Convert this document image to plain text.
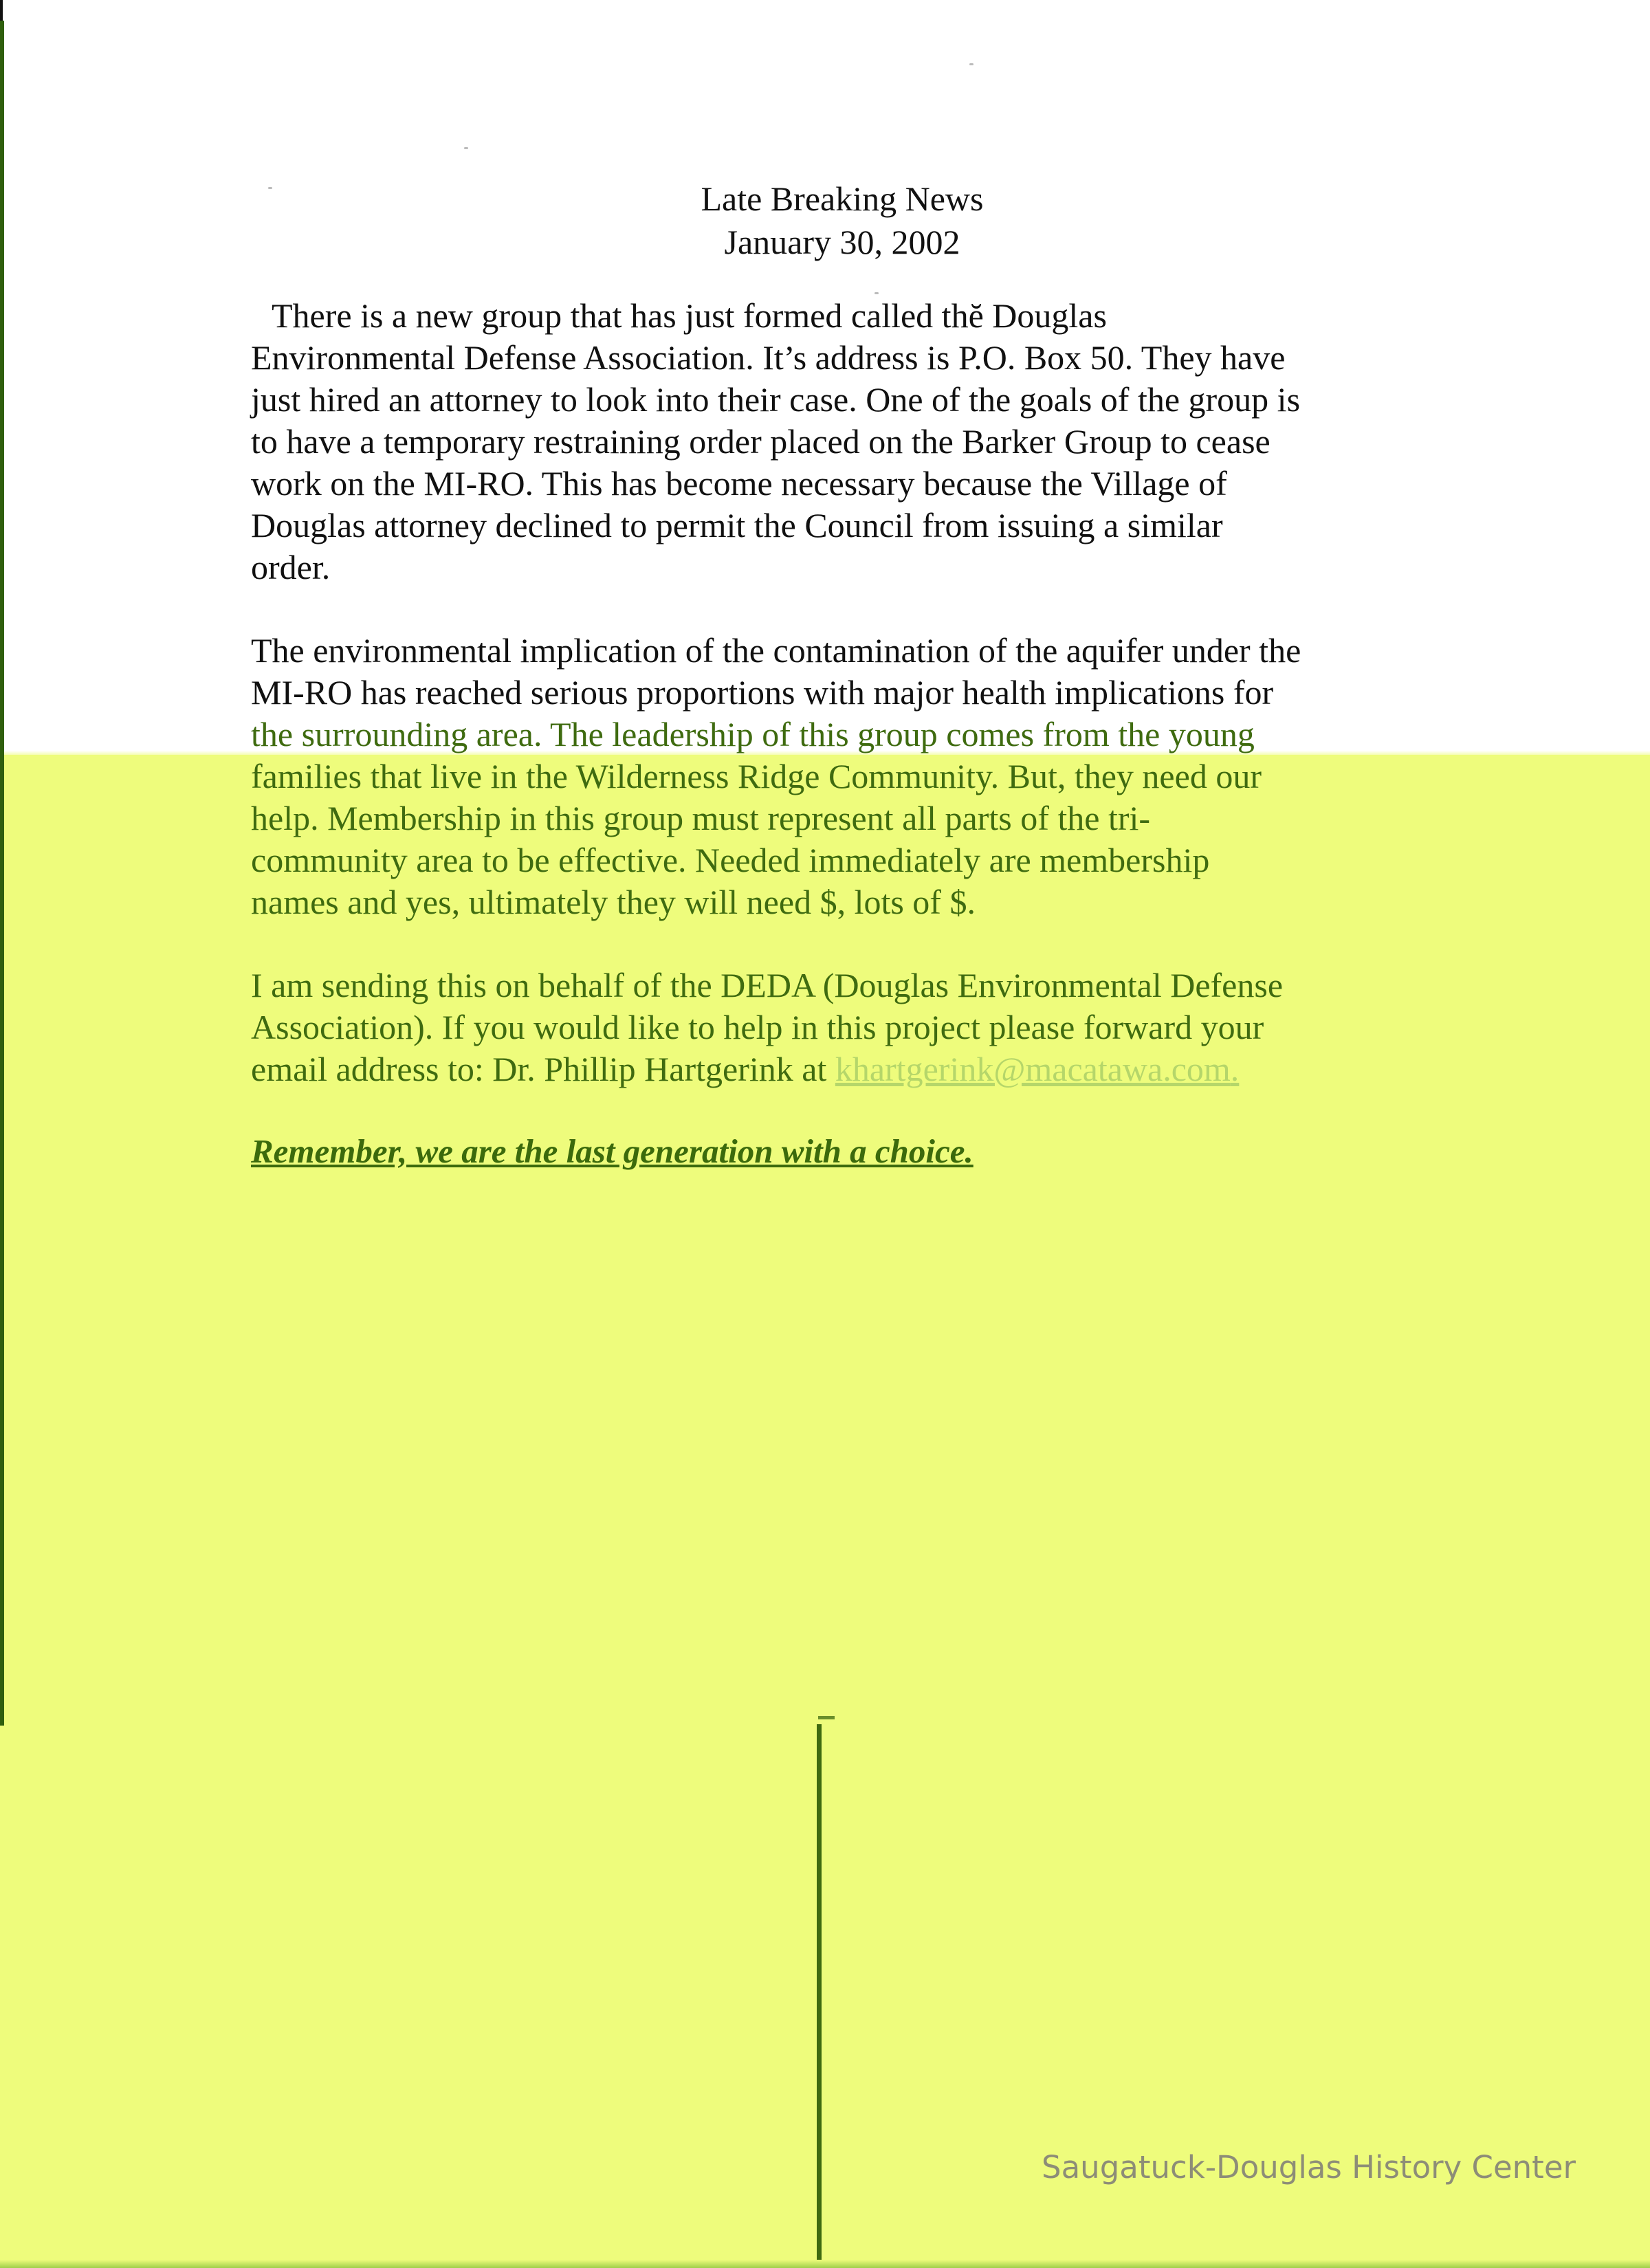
Late Breaking News
January 30, 2002

There is a new group that has just formed called thĕ Douglas
Environmental Defense Association. It’s address is P.O. Box 50. They have
just hired an attorney to look into their case. One of the goals of the group is
to have a temporary restraining order placed on the Barker Group to cease
work on the MI-RO. This has become necessary because the Village of
Douglas attorney declined to permit the Council from issuing a similar
order.

The environmental implication of the contamination of the aquifer under the
MI-RO has reached serious proportions with major health implications for
the surrounding area. The leadership of this group comes from the young
families that live in the Wilderness Ridge Community. But, they need our
help. Membership in this group must represent all parts of the tri-
community area to be effective. Needed immediately are membership
names and yes, ultimately they will need $, lots of $.

I am sending this on behalf of the DEDA (Douglas Environmental Defense
Association). If you would like to help in this project please forward your
email address to: Dr. Phillip Hartgerink at khartgerink@macatawa.com.

Remember, we are the last generation with a choice.

Saugatuck-Douglas History Center
